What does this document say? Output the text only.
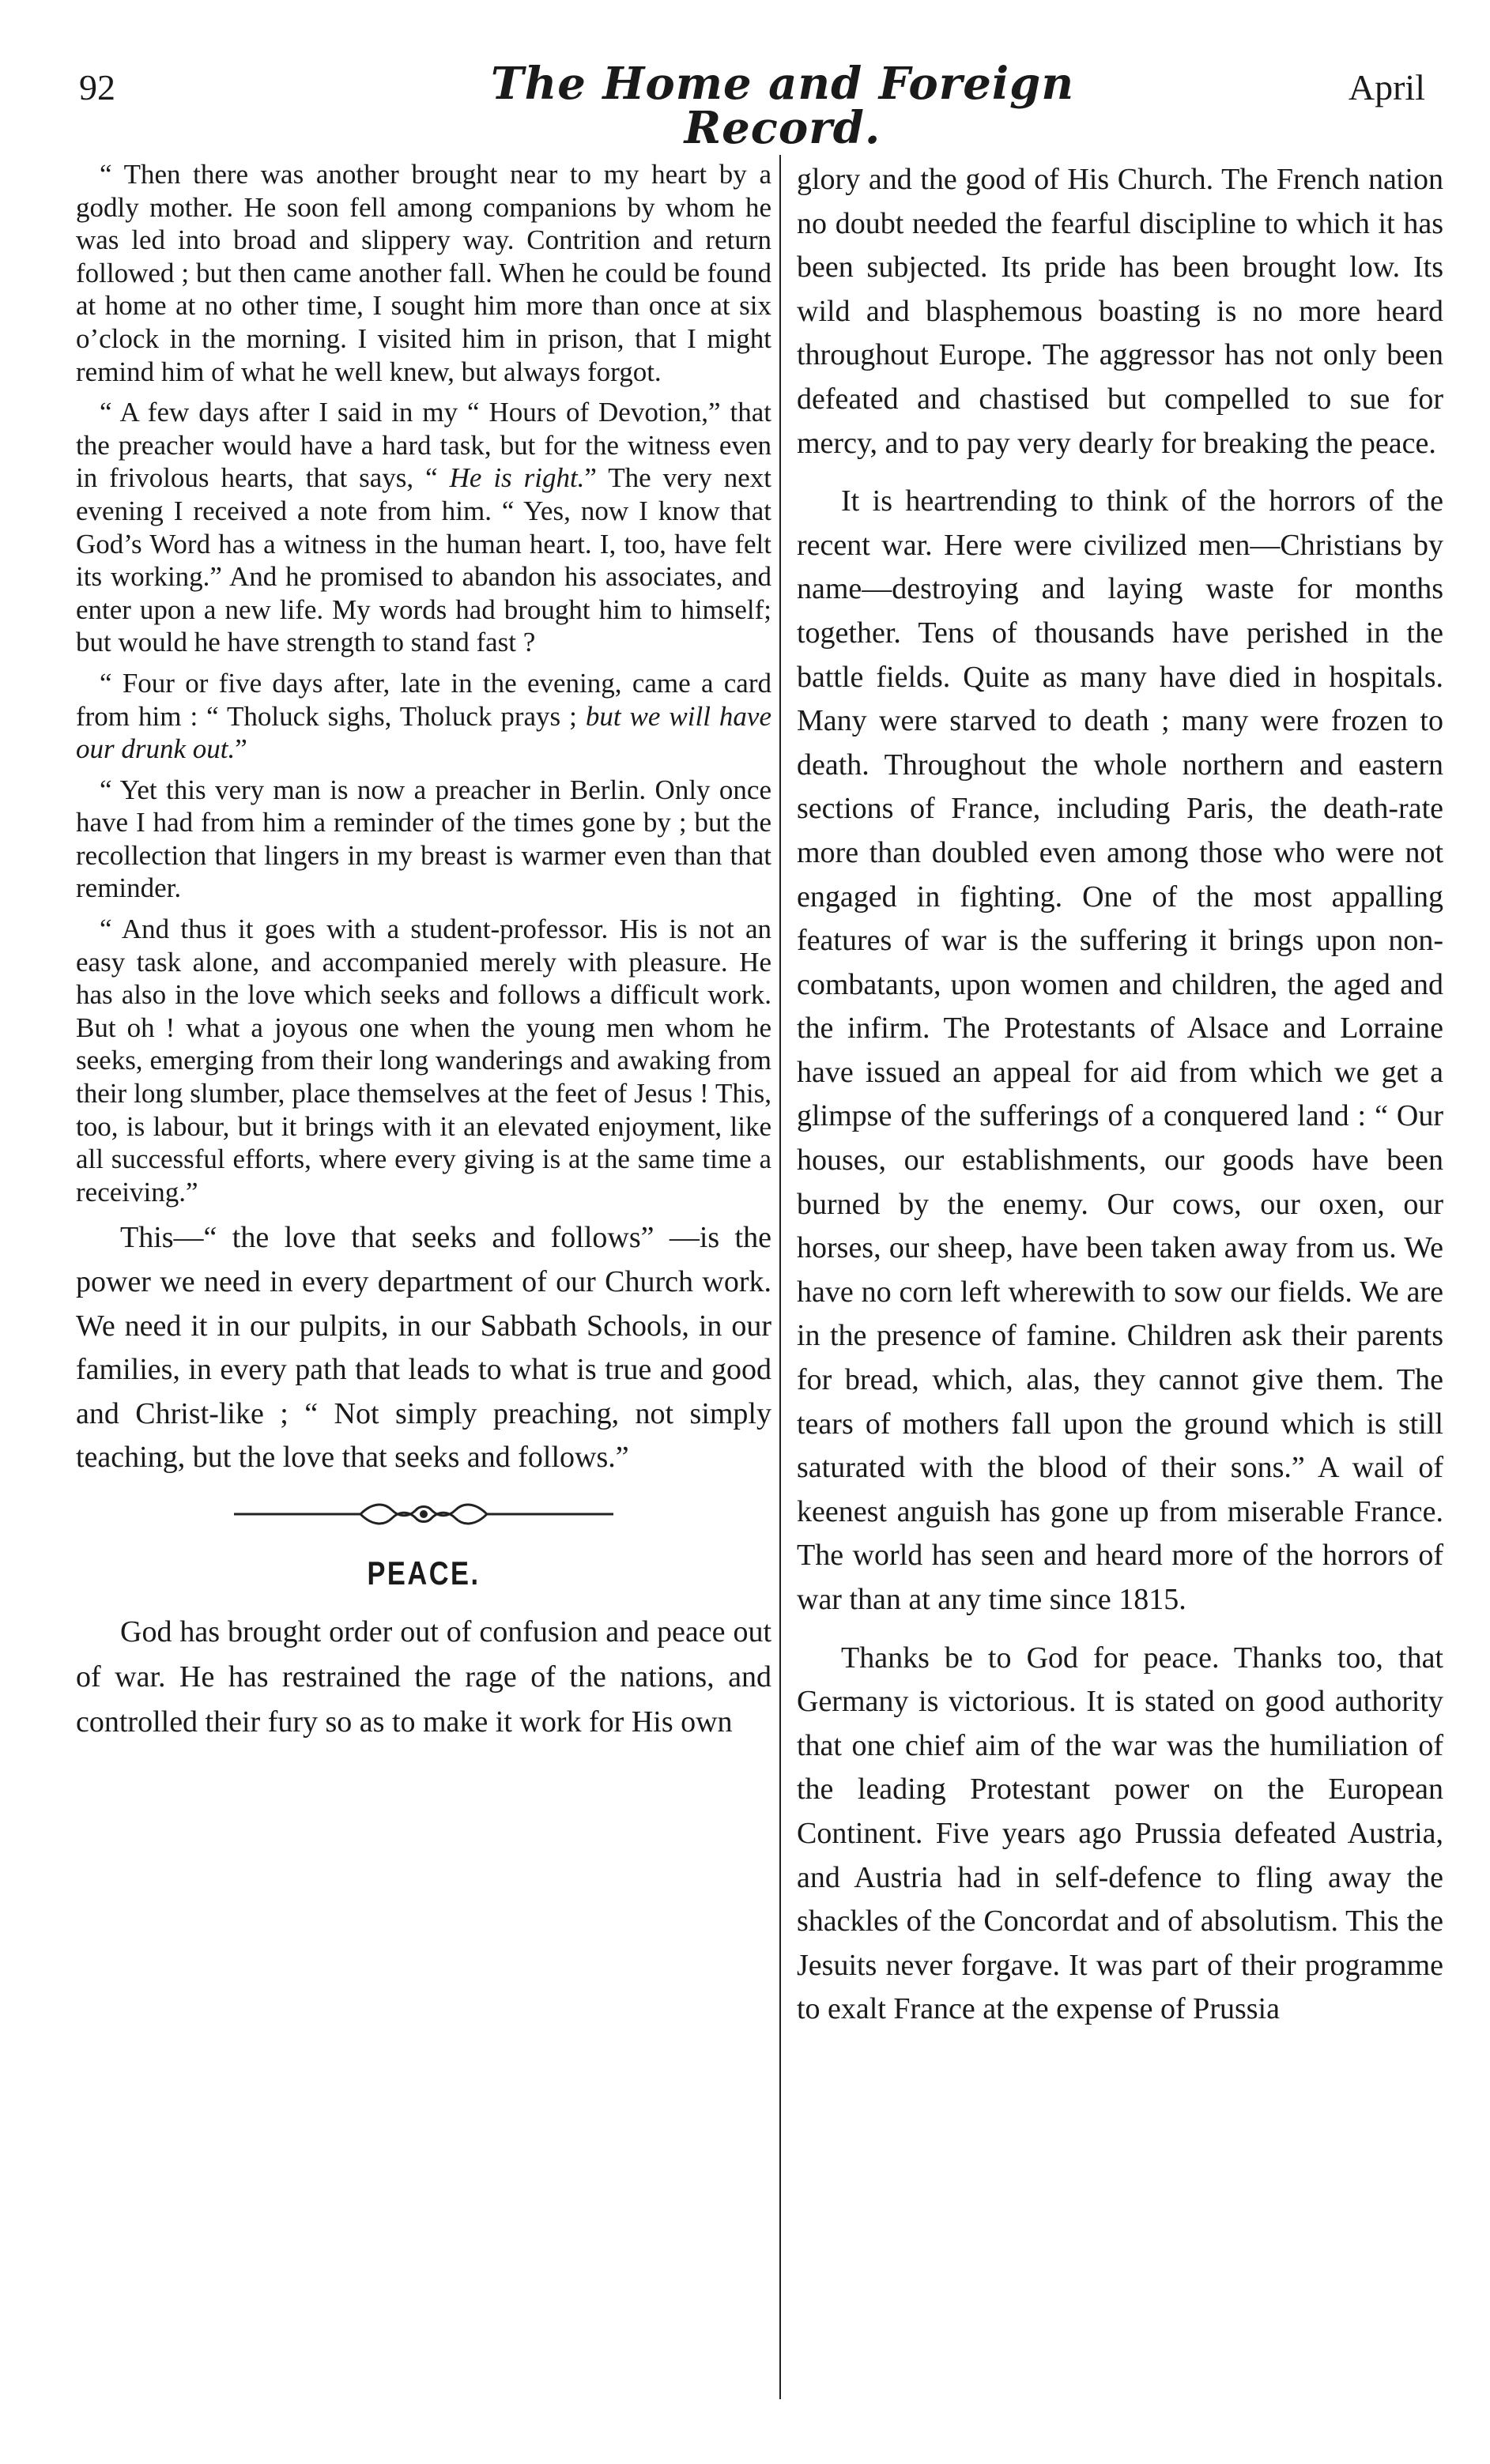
92	The Home and Foreign Record.
April

“ Then there was another brought near to my heart by a godly mother. He soon fell among companions by whom he was led into broad and slippery way. Contrition and return followed ; but then came another fall. When he could be found at home at no other time, I sought him more than once at six o’clock in the morning. I visited him in prison, that I might remind him of what he well knew, but always forgot.

“ A few days after I said in my “ Hours of Devotion,” that the preacher would have a hard task, but for the witness even in frivolous hearts, that says, “ He is right.” The very next evening I received a note from him. “ Yes, now I know that God’s Word has a witness in the human heart. I, too, have felt its working.” And he promised to abandon his associates, and enter upon a new life. My words had brought him to himself; but would he have strength to stand fast ?

“ Four or five days after, late in the evening, came a card from him : “ Tholuck sighs, Tholuck prays ; but we will have our drunk out.”

“ Yet this very man is now a preacher in Berlin. Only once have I had from him a reminder of the times gone by ; but the recollection that lingers in my breast is warmer even than that reminder.

“ And thus it goes with a student-professor. His is not an easy task alone, and accompanied merely with pleasure. He has also in the love which seeks and follows a difficult work. But oh ! what a joyous one when the young men whom he seeks, emerging from their long wanderings and awaking from their long slumber, place themselves at the feet of Jesus ! This, too, is labour, but it brings with it an elevated enjoyment, like all successful efforts, where every giving is at the same time a receiving.”

This—“ the love that seeks and follows” —is the power we need in every department of our Church work. We need it in our pulpits, in our Sabbath Schools, in our families, in every path that leads to what is true and good and Christ-like ; “ Not simply preaching, not simply teaching, but the love that seeks and follows.”

PEACE.

God has brought order out of confusion and peace out of war. He has restrained the rage of the nations, and controlled their fury so as to make it work for His own

glory and the good of His Church. The French nation no doubt needed the fearful discipline to which it has been subjected. Its pride has been brought low. Its wild and blasphemous boasting is no more heard throughout Europe. The aggressor has not only been defeated and chastised but compelled to sue for mercy, and to pay very dearly for breaking the peace.

It is heartrending to think of the horrors of the recent war. Here were civilized men—Christians by name—destroying and laying waste for months together. Tens of thousands have perished in the battle fields. Quite as many have died in hospitals. Many were starved to death ; many were frozen to death. Throughout the whole northern and eastern sections of France, including Paris, the death-rate more than doubled even among those who were not engaged in fighting. One of the most appalling features of war is the suffering it brings upon non-combatants, upon women and children, the aged and the infirm. The Protestants of Alsace and Lorraine have issued an appeal for aid from which we get a glimpse of the sufferings of a conquered land : “ Our houses, our establishments, our goods have been burned by the enemy. Our cows, our oxen, our horses, our sheep, have been taken away from us. We have no corn left wherewith to sow our fields. We are in the presence of famine. Children ask their parents for bread, which, alas, they cannot give them. The tears of mothers fall upon the ground which is still saturated with the blood of their sons.” A wail of keenest anguish has gone up from miserable France. The world has seen and heard more of the horrors of war than at any time since 1815.

Thanks be to God for peace. Thanks too, that Germany is victorious. It is stated on good authority that one chief aim of the war was the humiliation of the leading Protestant power on the European Continent. Five years ago Prussia defeated Austria, and Austria had in self-defence to fling away the shackles of the Concordat and of absolutism. This the Jesuits never forgave. It was part of their programme to exalt France at the expense of Prussia
